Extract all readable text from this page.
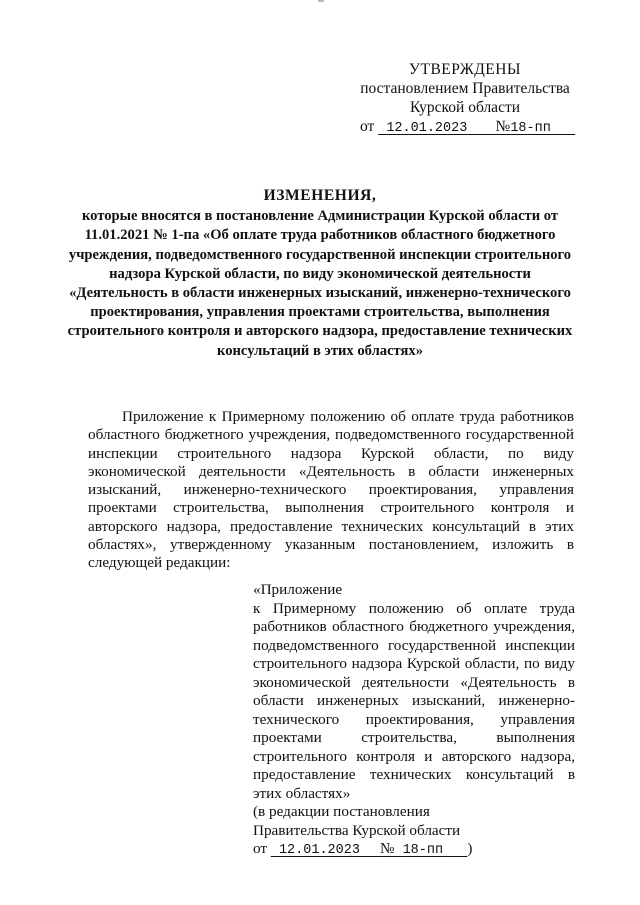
УТВЕРЖДЕНЫ
постановлением Правительства
Курской области
от 12.01.2023 №18-пп
ИЗМЕНЕНИЯ,
которые вносятся в постановление Администрации Курской области от 11.01.2021 № 1-па «Об оплате труда работников областного бюджетного учреждения, подведомственного государственной инспекции строительного надзора Курской области, по виду экономической деятельности «Деятельность в области инженерных изысканий, инженерно-технического проектирования, управления проектами строительства, выполнения строительного контроля и авторского надзора, предоставление технических консультаций в этих областях»
Приложение к Примерному положению об оплате труда работников областного бюджетного учреждения, подведомственного государственной инспекции строительного надзора Курской области, по виду экономической деятельности «Деятельность в области инженерных изысканий, инженерно-технического проектирования, управления проектами строительства, выполнения строительного контроля и авторского надзора, предоставление технических консультаций в этих областях», утвержденному указанным постановлением, изложить в следующей редакции:
«Приложение
к Примерному положению об оплате труда работников областного бюджетного учреждения, подведомственного государственной инспекции строительного надзора Курской области, по виду экономической деятельности «Деятельность в области инженерных изысканий, инженерно-технического проектирования, управления проектами строительства, выполнения строительного контроля и авторского надзора, предоставление технических консультаций в этих областях»
(в редакции постановления
Правительства Курской области
от 12.01.2023 № 18-пп )
